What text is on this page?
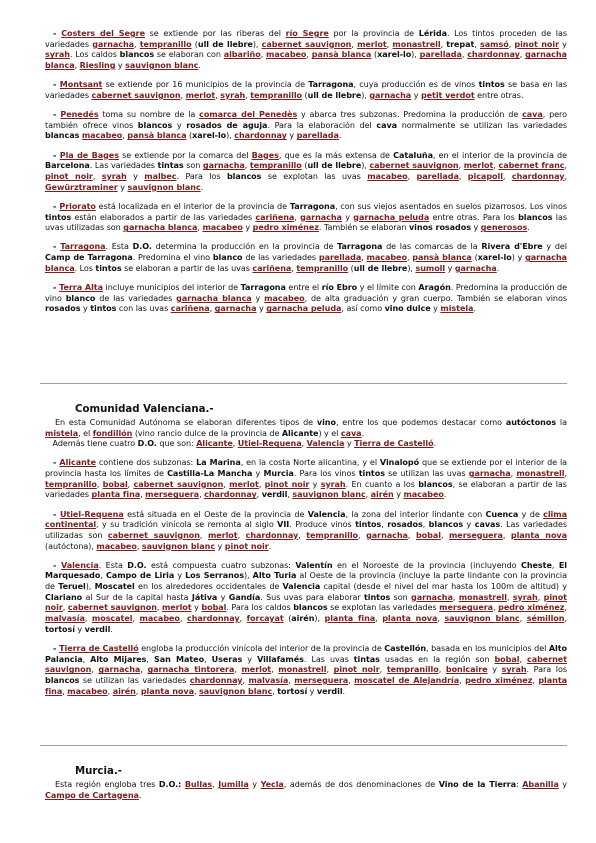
- Costers del Segre se extiende por las riberas del río Segre por la provincia de Lérida. Los tintos proceden de las variedades garnacha, tempranillo (ull de llebre), cabernet sauvignon, merlot, monastrell, trepat, samsó, pinot noir y syrah. Los caldos blancos se elaboran con albariño, macabeo, pansà blanca (xarel-lo), parellada, chardonnay, garnacha blanca, Riesling y sauvignon blanc.

- Montsant se extiende por 16 municipios de la provincia de Tarragona, cuya producción es de vinos tintos se basa en las variedades cabernet sauvignon, merlot, syrah, tempranillo (ull de llebre), garnacha y petit verdot entre otras.

- Penedés toma su nombre de la comarca del Penedès y abarca tres subzonas. Predomina la producción de cava, pero también ofrece vinos blancos y rosados de aguja. Para la elaboración del cava normalmente se utilizan las variedades blancas macabeo, pansà blanca (xarel-lo), chardonnay y parellada.

- Pla de Bages se extiende por la comarca del Bages, que es la más extensa de Cataluña, en el interior de la provincia de Barcelona. Las variedades tintas son garnacha, tempranillo (ull de llebre), cabernet sauvignon, merlot, cabernet franc, pinot noir, syrah y malbec. Para los blancos se explotan las uvas macabeo, parellada, picapoll, chardonnay, Gewürztraminer y sauvignon blanc.

- Priorato está localizada en el interior de la provincia de Tarragona, con sus viejos asentados en suelos pizarrosos. Los vinos tintos están elaborados a partir de las variedades cariñena, garnacha y garnacha peluda entre otras. Para los blancos las uvas utilizadas son garnacha blanca, macabeo y pedro ximénez. También se elaboran vinos rosados y generosos.

- Tarragona. Esta D.O. determina la producción en la provincia de Tarragona de las comarcas de la Rivera d'Ebre y del Camp de Tarragona. Predomina el vino blanco de las variedades parellada, macabeo, pansà blanca (xarel-lo) y garnacha blanca. Los tintos se elaboran a partir de las uvas cariñena, tempranillo (ull de llebre), sumoll y garnacha.

- Terra Alta incluye municipios del interior de Tarragona entre el río Ebro y el límite con Aragón. Predomina la producción de vino blanco de las variedades garnacha blanca y macabeo, de alta graduación y gran cuerpo. También se elaboran vinos rosados y tintos con las uvas cariñena, garnacha y garnacha peluda, así como vino dulce y mistela.

Comunidad Valenciana.-

En esta Comunidad Autónoma se elaboran diferentes tipos de vino, entre los que podemos destacar como autóctonos la mistela, el fondillón (vino rancio dulce de la provincia de Alicante) y el cava.
Además tiene cuatro D.O. que son: Alicante, Utiel-Requena, Valencia y Tierra de Castelló.

- Alicante contiene dos subzonas: La Marina, en la costa Norte alicantina, y el Vinalopó que se extiende por el interior de la provincia hasta los límites de Castilla-La Mancha y Murcia. Para los vinos tintos se utilizan las uvas garnacha, monastrell, tempranillo, bobal, cabernet sauvignon, merlot, pinot noir y syrah. En cuanto a los blancos, se elaboran a partir de las variedades planta fina, merseguera, chardonnay, verdil, sauvignon blanc, airén y macabeo.

- Utiel-Requena está situada en el Oeste de la provincia de Valencia, la zona del interior lindante con Cuenca y de clima continental, y su tradición vinícola se remonta al siglo VII. Produce vinos tintos, rosados, blancos y cavas. Las variedades utilizadas son cabernet sauvignon, merlot, chardonnay, tempranillo, garnacha, bobal, merseguera, planta nova (autóctona), macabeo, sauvignon blanc y pinot noir.

- Valencia. Esta D.O. está compuesta cuatro subzonas: Valentín en el Noroeste de la provincia (incluyendo Cheste, El Marquesado, Campo de Liria y Los Serranos), Alto Turia al Oeste de la provincia (incluye la parte lindante con la provincia de Teruel), Moscatel en los alrededores occidentales de Valencia capital (desde el nivel del mar hasta los 100m de altitud) y Clariano al Sur de la capital hasta Játiva y Gandía. Sus uvas para elaborar tintos son garnacha, monastrell, syrah, pinot noir, cabernet sauvignon, merlot y bobal. Para los caldos blancos se explotan las variedades merseguera, pedro ximénez, malvasía, moscatel, macabeo, chardonnay, forcayat (airén), planta fina, planta nova, sauvignon blanc, sémillon, tortosí y verdil.

- Tierra de Castelló engloba la producción vinícola del interior de la provincia de Castellón, basada en los municipios del Alto Palancia, Alto Mijares, San Mateo, Useras y Villafamés. Las uvas tintas usadas en la región son bobal, cabernet sauvignon, garnacha, garnacha tintorera, merlot, monastrell, pinot noir, tempranillo, bonicaire y syrah. Para los blancos se utilizan las variedades chardonnay, malvasía, merseguera, moscatel de Alejandría, pedro ximénez, planta fina, macabeo, airén, planta nova, sauvignon blanc, tortosí y verdil.

Murcia.-

Esta región engloba tres D.O.: Bullas, Jumilla y Yecla, además de dos denominaciones de Vino de la Tierra: Abanilla y Campo de Cartagena.
